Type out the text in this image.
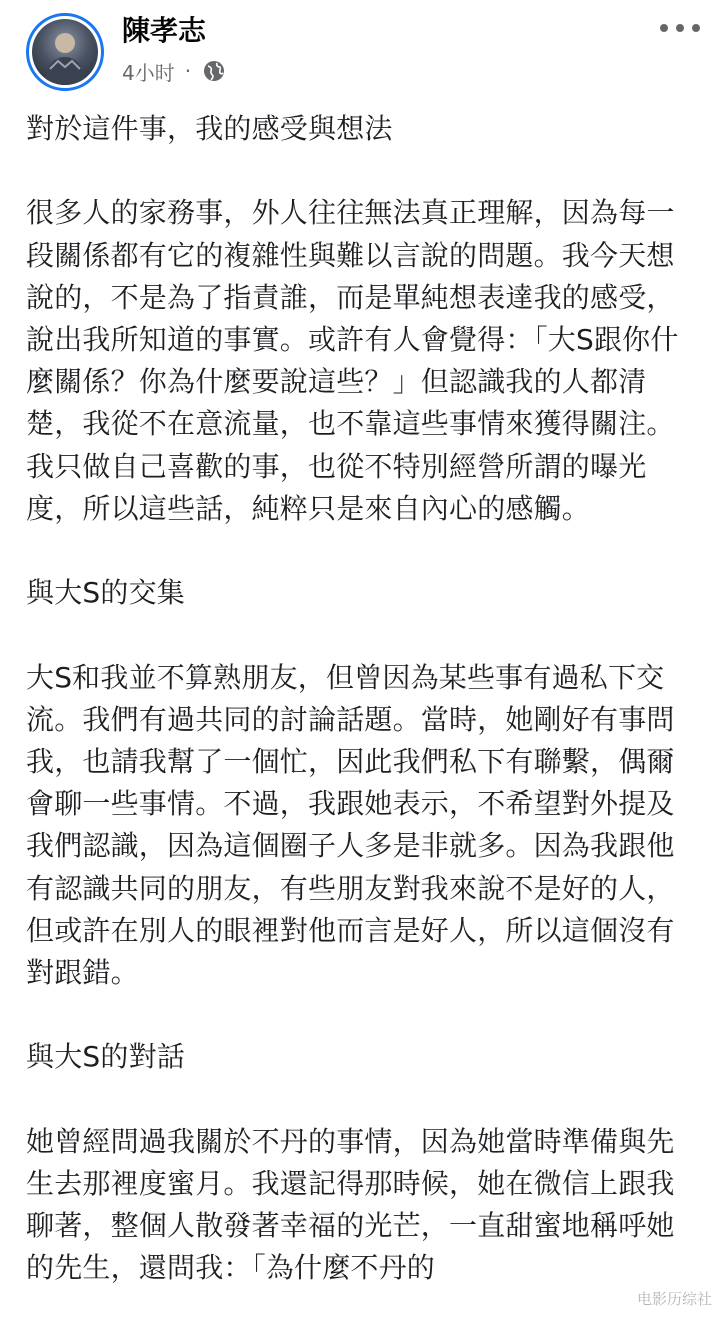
陳孝志
4小时 ·

對於這件事，我的感受與想法

很多人的家務事，外人往往無法真正理解，因為每一段關係都有它的複雜性與難以言說的問題。我今天想說的，不是為了指責誰，而是單純想表達我的感受，說出我所知道的事實。或許有人會覺得：「大S跟你什麼關係？你為什麼要說這些？」但認識我的人都清楚，我從不在意流量，也不靠這些事情來獲得關注。我只做自己喜歡的事，也從不特別經營所謂的曝光度，所以這些話，純粹只是來自內心的感觸。

與大S的交集

大S和我並不算熟朋友，但曾因為某些事有過私下交流。我們有過共同的討論話題。當時，她剛好有事問我，也請我幫了一個忙，因此我們私下有聯繫，偶爾會聊一些事情。不過，我跟她表示，不希望對外提及我們認識，因為這個圈子人多是非就多。因為我跟他有認識共同的朋友，有些朋友對我來說不是好的人，但或許在別人的眼裡對他而言是好人，所以這個沒有對跟錯。

與大S的對話

她曾經問過我關於不丹的事情，因為她當時準備與先生去那裡度蜜月。我還記得那時候，她在微信上跟我聊著，整個人散發著幸福的光芒，一直甜蜜地稱呼她的先生，還問我：「為什麼不丹的

电影历综社
